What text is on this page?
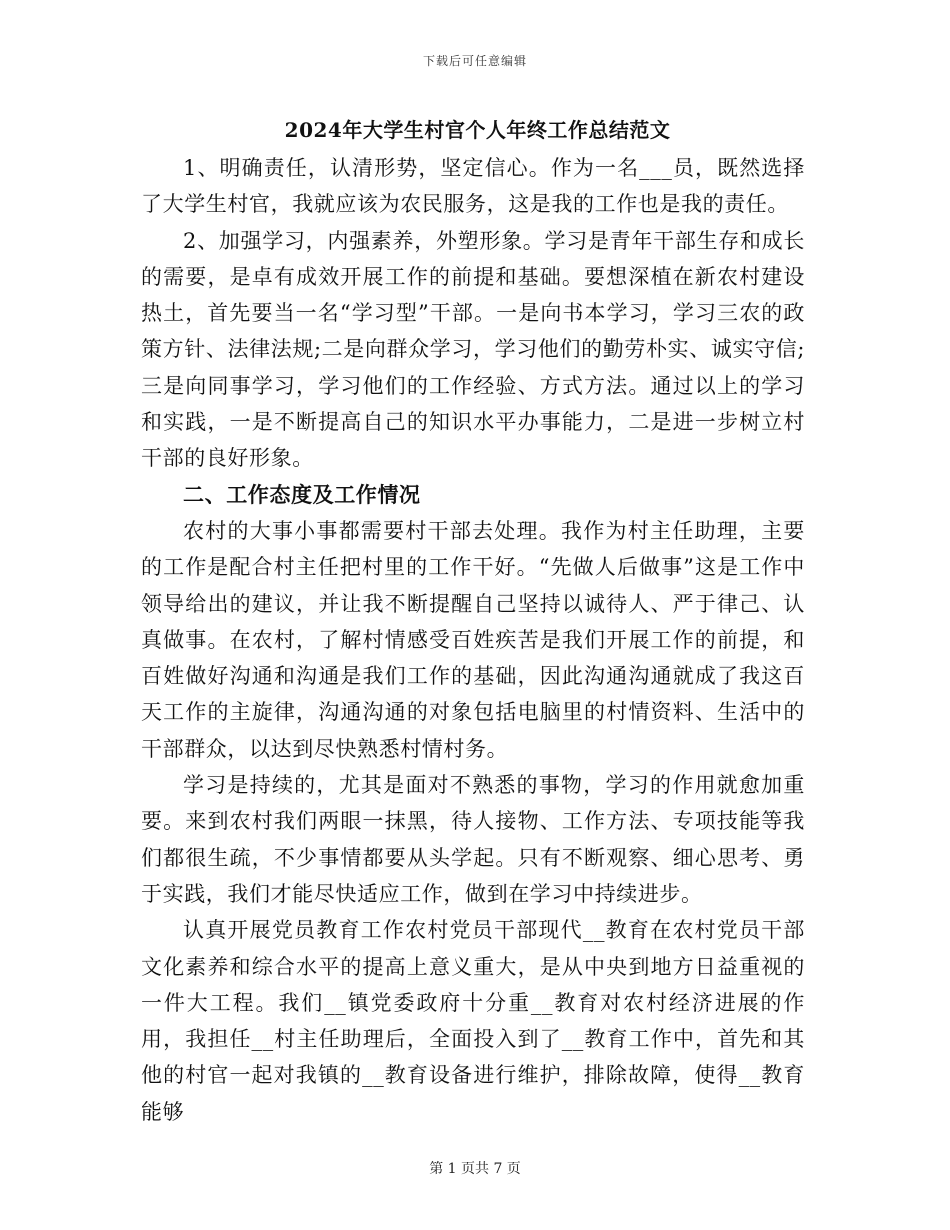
下载后可任意编辑
2024年大学生村官个人年终工作总结范文

1、明确责任，认清形势，坚定信心。作为一名___员，既然选择了大学生村官，我就应该为农民服务，这是我的工作也是我的责任。

2、加强学习，内强素养，外塑形象。学习是青年干部生存和成长的需要，是卓有成效开展工作的前提和基础。要想深植在新农村建设热土，首先要当一名“学习型”干部。一是向书本学习，学习三农的政策方针、法律法规;二是向群众学习，学习他们的勤劳朴实、诚实守信;三是向同事学习，学习他们的工作经验、方式方法。通过以上的学习和实践，一是不断提高自己的知识水平办事能力，二是进一步树立村干部的良好形象。

二、工作态度及工作情况

农村的大事小事都需要村干部去处理。我作为村主任助理，主要的工作是配合村主任把村里的工作干好。“先做人后做事”这是工作中领导给出的建议，并让我不断提醒自己坚持以诚待人、严于律己、认真做事。在农村，了解村情感受百姓疾苦是我们开展工作的前提，和百姓做好沟通和沟通是我们工作的基础，因此沟通沟通就成了我这百天工作的主旋律，沟通沟通的对象包括电脑里的村情资料、生活中的干部群众，以达到尽快熟悉村情村务。

学习是持续的，尤其是面对不熟悉的事物，学习的作用就愈加重要。来到农村我们两眼一抹黑，待人接物、工作方法、专项技能等我们都很生疏，不少事情都要从头学起。只有不断观察、细心思考、勇于实践，我们才能尽快适应工作，做到在学习中持续进步。

认真开展党员教育工作农村党员干部现代__教育在农村党员干部文化素养和综合水平的提高上意义重大，是从中央到地方日益重视的一件大工程。我们__镇党委政府十分重__教育对农村经济进展的作用，我担任__村主任助理后，全面投入到了__教育工作中，首先和其他的村官一起对我镇的__教育设备进行维护，排除故障，使得__教育能够

第 1 页共 7 页
